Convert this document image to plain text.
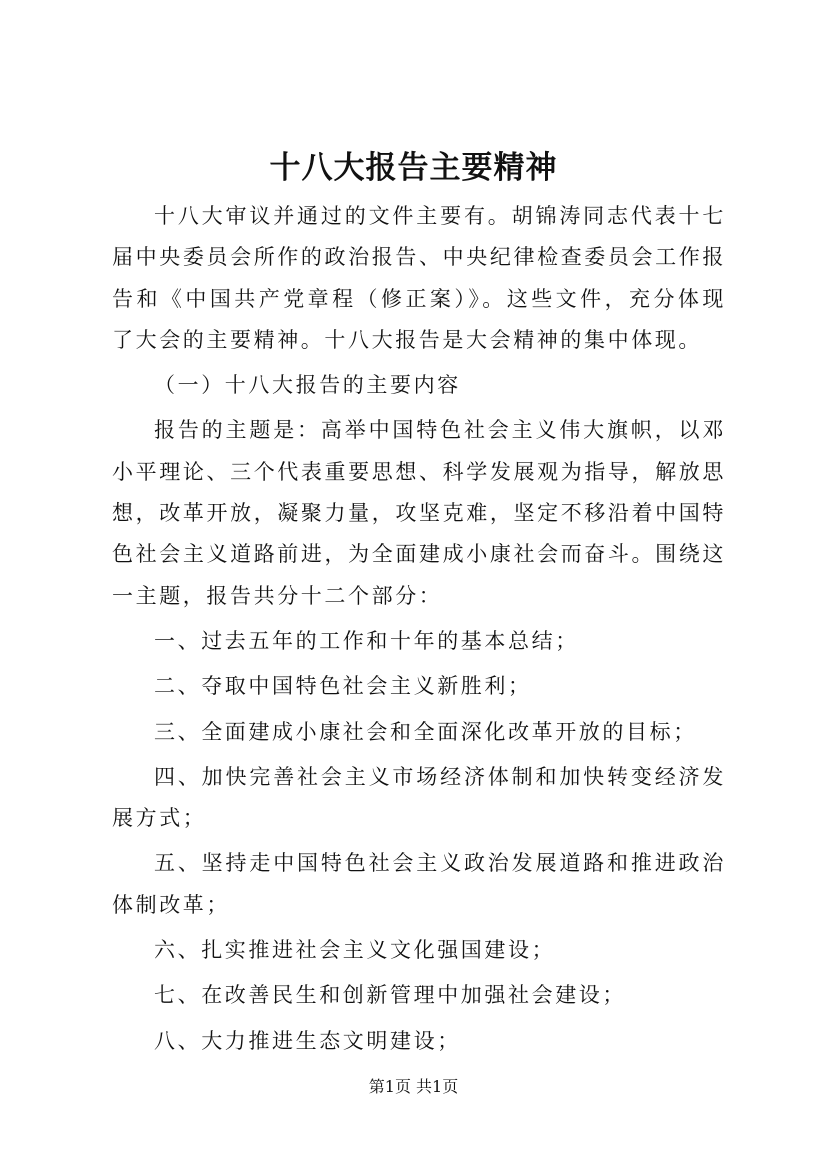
十八大报告主要精神

十八大审议并通过的文件主要有。胡锦涛同志代表十七届中央委员会所作的政治报告、中央纪律检查委员会工作报告和《中国共产党章程（修正案）》。这些文件，充分体现了大会的主要精神。十八大报告是大会精神的集中体现。

（一）十八大报告的主要内容

报告的主题是：高举中国特色社会主义伟大旗帜，以邓小平理论、三个代表重要思想、科学发展观为指导，解放思想，改革开放，凝聚力量，攻坚克难，坚定不移沿着中国特色社会主义道路前进，为全面建成小康社会而奋斗。围绕这一主题，报告共分十二个部分：

一、过去五年的工作和十年的基本总结；

二、夺取中国特色社会主义新胜利；

三、全面建成小康社会和全面深化改革开放的目标；

四、加快完善社会主义市场经济体制和加快转变经济发展方式；

五、坚持走中国特色社会主义政治发展道路和推进政治体制改革；

六、扎实推进社会主义文化强国建设；

七、在改善民生和创新管理中加强社会建设；

八、大力推进生态文明建设；

第1页 共1页
